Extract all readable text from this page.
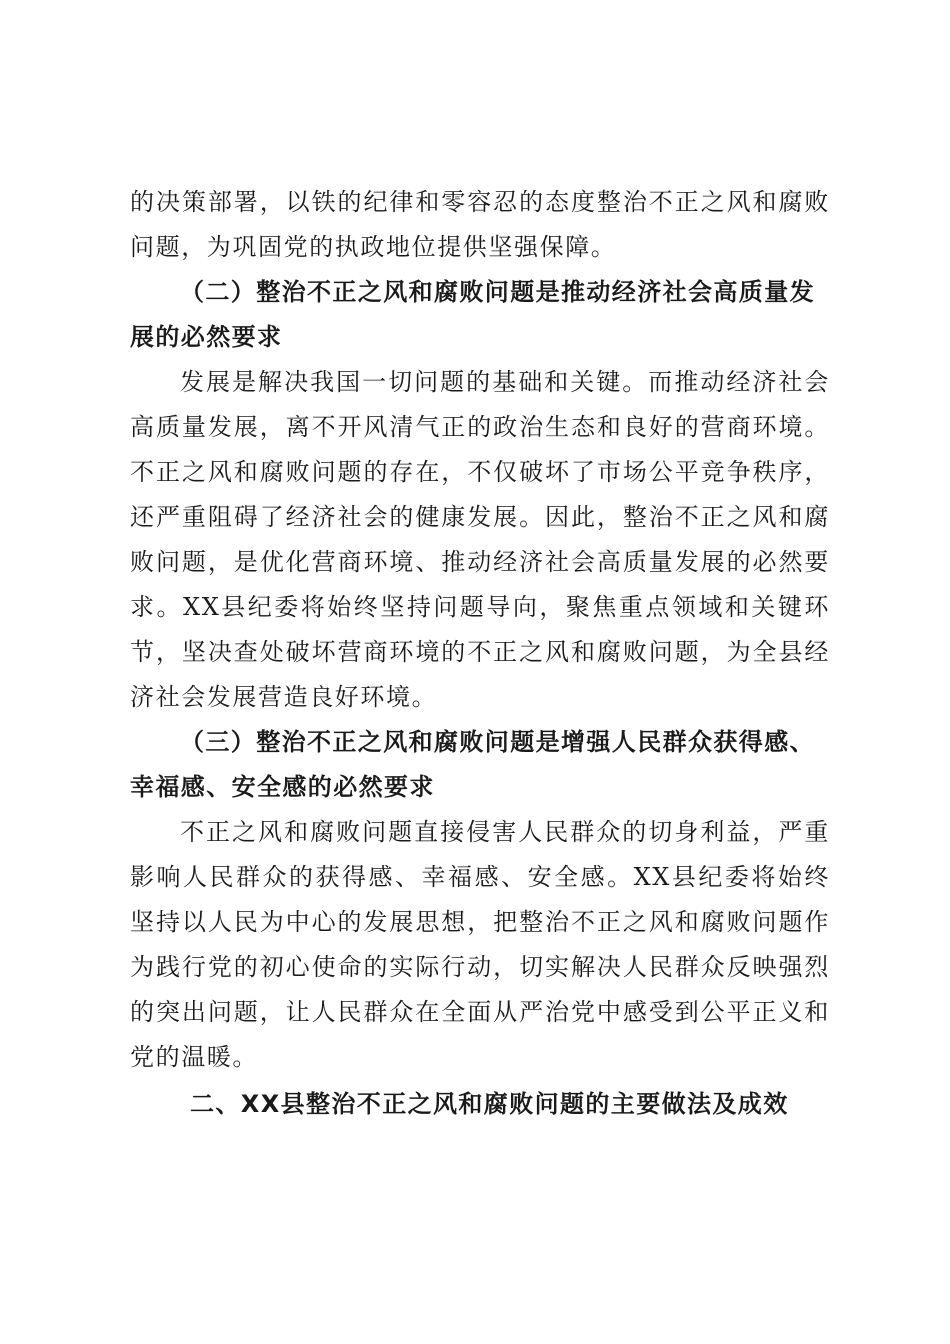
的决策部署，以铁的纪律和零容忍的态度整治不正之风和腐败问题，为巩固党的执政地位提供坚强保障。

（二）整治不正之风和腐败问题是推动经济社会高质量发展的必然要求

发展是解决我国一切问题的基础和关键。而推动经济社会高质量发展，离不开风清气正的政治生态和良好的营商环境。不正之风和腐败问题的存在，不仅破坏了市场公平竞争秩序，还严重阻碍了经济社会的健康发展。因此，整治不正之风和腐败问题，是优化营商环境、推动经济社会高质量发展的必然要求。XX县纪委将始终坚持问题导向，聚焦重点领域和关键环节，坚决查处破坏营商环境的不正之风和腐败问题，为全县经济社会发展营造良好环境。

（三）整治不正之风和腐败问题是增强人民群众获得感、幸福感、安全感的必然要求

不正之风和腐败问题直接侵害人民群众的切身利益，严重影响人民群众的获得感、幸福感、安全感。XX县纪委将始终坚持以人民为中心的发展思想，把整治不正之风和腐败问题作为践行党的初心使命的实际行动，切实解决人民群众反映强烈的突出问题，让人民群众在全面从严治党中感受到公平正义和党的温暖。

二、XX县整治不正之风和腐败问题的主要做法及成效
